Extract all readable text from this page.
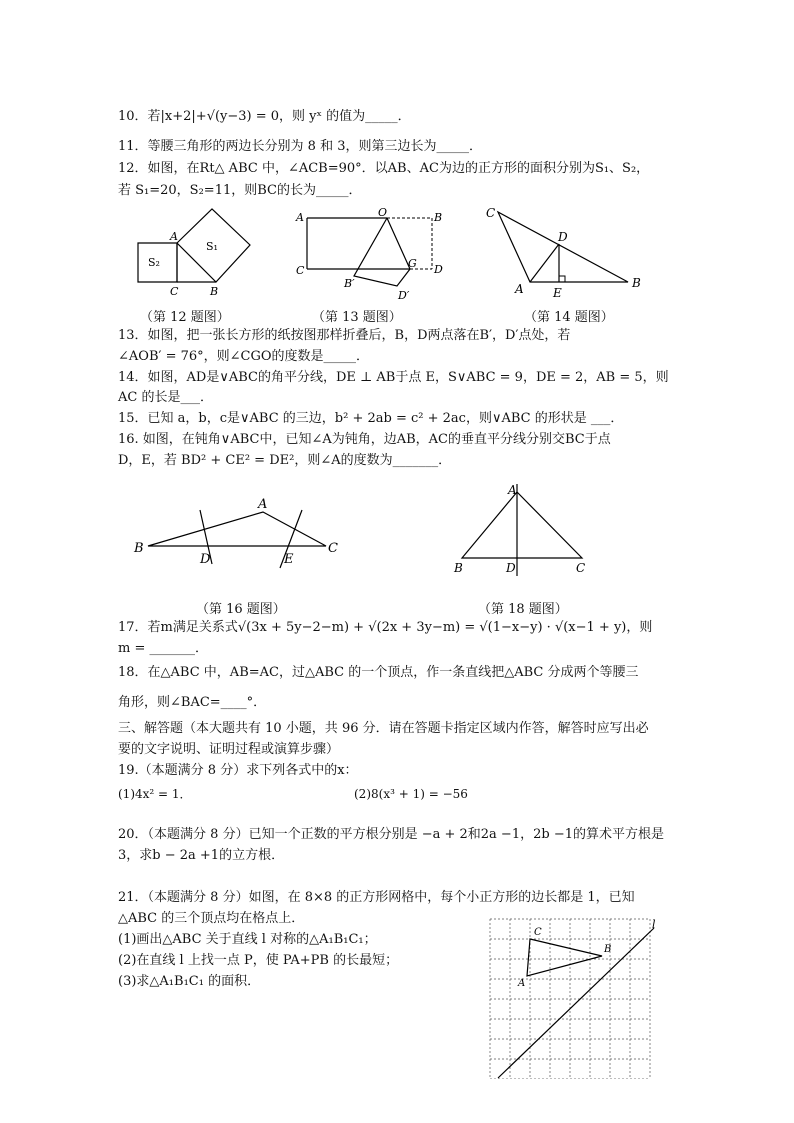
10．若|x+2|+√(y−3) = 0，则 yˣ 的值为_____．
11．等腰三角形的两边长分别为 8 和 3，则第三边长为_____．
12．如图，在Rt△ ABC 中，∠ACB=90°．以AB、AC为边的正方形的面积分别为S₁、S₂，
若 S₁=20，S₂=11，则BC的长为_____．
A
S₁
S₂
C	B
A	O	B
C
B′
G D
D′
C
D
A E
B
（第 12 题图）	（第 13 题图）	（第 14 题图）
13．如图，把一张长方形的纸按图那样折叠后，B，D两点落在B′，D′点处，若
∠AOB′ = 76°，则∠CGO的度数是_____．
14．如图，AD是∨ABC的角平分线，DE ⊥ AB于点 E，S∨ABC = 9，DE = 2，AB = 5，则
AC 的长是___．
15．已知 a，b，c是∨ABC 的三边，b² + 2ab = c² + 2ac，则∨ABC 的形状是 ___．
16. 如图，在钝角∨ABC中，已知∠A为钝角，边AB，AC的垂直平分线分别交BC于点
D，E，若 BD² + CE² = DE²，则∠A的度数为_______．
A
B
D	E
C
A
B	D	C
（第 16 题图）	（第 18 题图）
17．若m满足关系式√(3x + 5y−2−m) + √(2x + 3y−m) = √(1−x−y) · √(x−1 + y)，则
m = _______．
18．在△ABC 中，AB=AC，过△ABC 的一个顶点，作一条直线把△ABC 分成两个等腰三
角形，则∠BAC=____°．
三、解答题（本大题共有 10 小题，共 96 分．请在答题卡指定区域内作答，解答时应写出必
要的文字说明、证明过程或演算步骤）
19.（本题满分 8 分）求下列各式中的x：
(1)4x² = 1．	(2)8(x³ + 1) = −56
20．（本题满分 8 分）已知一个正数的平方根分别是 −a + 2和2a −1，2b −1的算术平方根是
3，求b − 2a +1的立方根．
21．（本题满分 8 分）如图，在 8×8 的正方形网格中，每个小正方形的边长都是 1，已知
△ABC 的三个顶点均在格点上．
(1)画出△ABC 关于直线 l 对称的△A₁B₁C₁；
(2)在直线 l 上找一点 P，使 PA+PB 的长最短；
(3)求△A₁B₁C₁ 的面积．
C
B
A
l
